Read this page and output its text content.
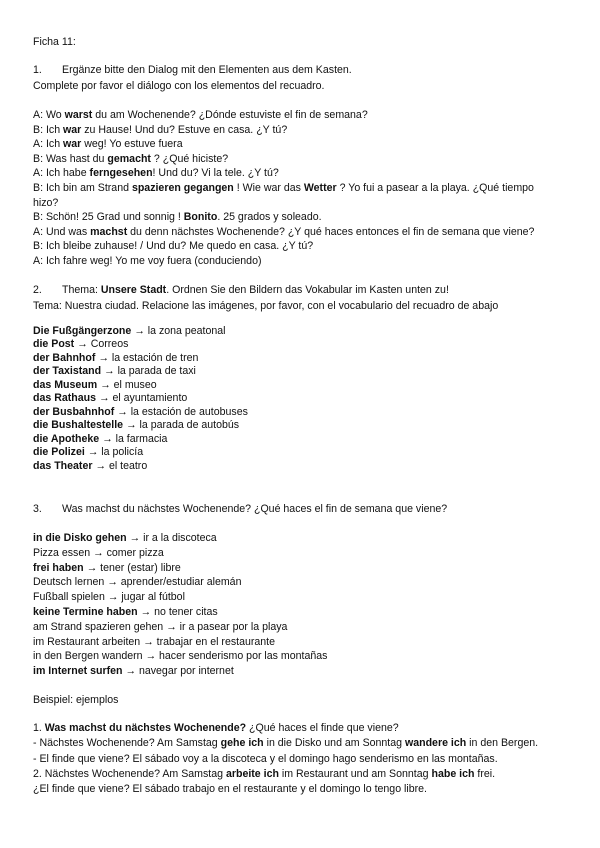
Ficha 11:
1. Ergänze bitte den Dialog mit den Elementen aus dem Kasten.
Complete por favor el diálogo con los elementos del recuadro.
A: Wo warst du am Wochenende? ¿Dónde estuviste el fin de semana?
B: Ich war zu Hause! Und du? Estuve en casa. ¿Y tú?
A: Ich war weg! Yo estuve fuera
B: Was hast du gemacht ? ¿Qué hiciste?
A: Ich habe ferngesehen! Und du? Vi la tele. ¿Y tú?
B: Ich bin am Strand spazieren gegangen ! Wie war das Wetter ? Yo fui a pasear a la playa. ¿Qué tiempo
hizo?
B: Schön! 25 Grad und sonnig ! Bonito. 25 grados y soleado.
A: Und was machst du denn nächstes Wochenende? ¿Y qué haces entonces el fin de semana que viene?
B: Ich bleibe zuhause! / Und du? Me quedo en casa. ¿Y tú?
A: Ich fahre weg! Yo me voy fuera (conduciendo)
2. Thema: Unsere Stadt. Ordnen Sie den Bildern das Vokabular im Kasten unten zu!
Tema: Nuestra ciudad. Relacione las imágenes, por favor, con el vocabulario del recuadro de abajo
Die Fußgängerzone → la zona peatonal
die Post → Correos
der Bahnhof → la estación de tren
der Taxistand → la parada de taxi
das Museum → el museo
das Rathaus → el ayuntamiento
der Busbahnhof → la estación de autobuses
die Bushaltestelle → la parada de autobús
die Apotheke → la farmacia
die Polizei → la policía
das Theater → el teatro
3. Was machst du nächstes Wochenende? ¿Qué haces el fin de semana que viene?
in die Disko gehen → ir a la discoteca
Pizza essen → comer pizza
frei haben → tener (estar) libre
Deutsch lernen → aprender/estudiar alemán
Fußball spielen → jugar al fútbol
keine Termine haben → no tener citas
am Strand spazieren gehen → ir a pasear por la playa
im Restaurant arbeiten → trabajar en el restaurante
in den Bergen wandern → hacer senderismo por las montañas
im Internet surfen → navegar por internet
Beispiel: ejemplos
1. Was machst du nächstes Wochenende? ¿Qué haces el finde que viene?
- Nächstes Wochenende? Am Samstag gehe ich in die Disko und am Sonntag wandere ich in den Bergen.
- El finde que viene? El sábado voy a la discoteca y el domingo hago senderismo en las montañas.
2. Nächstes Wochenende? Am Samstag arbeite ich im Restaurant und am Sonntag habe ich frei.
¿El finde que viene? El sábado trabajo en el restaurante y el domingo lo tengo libre.
